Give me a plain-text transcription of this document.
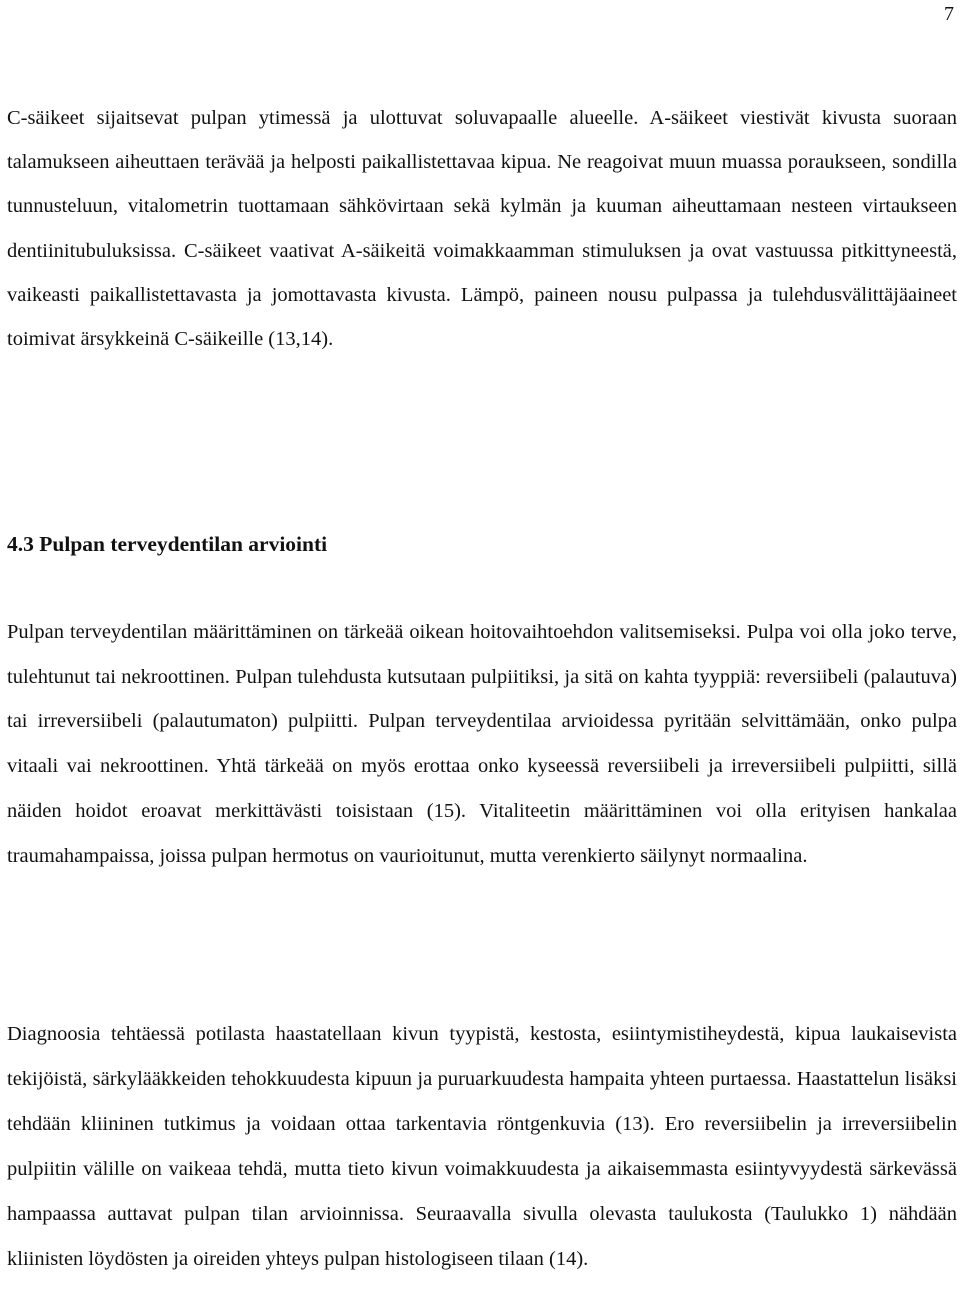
7

C-säikeet sijaitsevat pulpan ytimessä ja ulottuvat soluvapaalle alueelle. A-säikeet viestivät kivusta suoraan talamukseen aiheuttaen terävää ja helposti paikallistettavaa kipua. Ne reagoivat muun muassa poraukseen, sondilla tunnusteluun, vitalometrin tuottamaan sähkövirtaan sekä kylmän ja kuuman aiheuttamaan nesteen virtaukseen dentiinitubuluksissa. C-säikeet vaativat A-säikeitä voimakkaamman stimuluksen ja ovat vastuussa pitkittyneestä, vaikeasti paikallistettavasta ja jomottavasta kivusta. Lämpö, paineen nousu pulpassa ja tulehdusvälittäjäaineet toimivat ärsykkeinä C-säikeille (13,14).

4.3 Pulpan terveydentilan arviointi

Pulpan terveydentilan määrittäminen on tärkeää oikean hoitovaihtoehdon valitsemiseksi. Pulpa voi olla joko terve, tulehtunut tai nekroottinen. Pulpan tulehdusta kutsutaan pulpiitiksi, ja sitä on kahta tyyppiä: reversiibeli (palautuva) tai irreversiibeli (palautumaton) pulpiitti. Pulpan terveydentilaa arvioidessa pyritään selvittämään, onko pulpa vitaali vai nekroottinen. Yhtä tärkeää on myös erottaa onko kyseessä reversiibeli ja irreversiibeli pulpiitti, sillä näiden hoidot eroavat merkittävästi toisistaan (15). Vitaliteetin määrittäminen voi olla erityisen hankalaa traumahampaissa, joissa pulpan hermotus on vaurioitunut, mutta verenkierto säilynyt normaalina.

Diagnoosia tehtäessä potilasta haastatellaan kivun tyypistä, kestosta, esiintymistiheydestä, kipua laukaisevista tekijöistä, särkylääkkeiden tehokkuudesta kipuun ja puruarkuudesta hampaita yhteen purtaessa. Haastattelun lisäksi tehdään kliininen tutkimus ja voidaan ottaa tarkentavia röntgenkuvia (13). Ero reversiibelin ja irreversiibelin pulpiitin välille on vaikeaa tehdä, mutta tieto kivun voimakkuudesta ja aikaisemmasta esiintyvyydestä särkevässä hampaassa auttavat pulpan tilan arvioinnissa. Seuraavalla sivulla olevasta taulukosta (Taulukko 1) nähdään kliinisten löydösten ja oireiden yhteys pulpan histologiseen tilaan (14).
